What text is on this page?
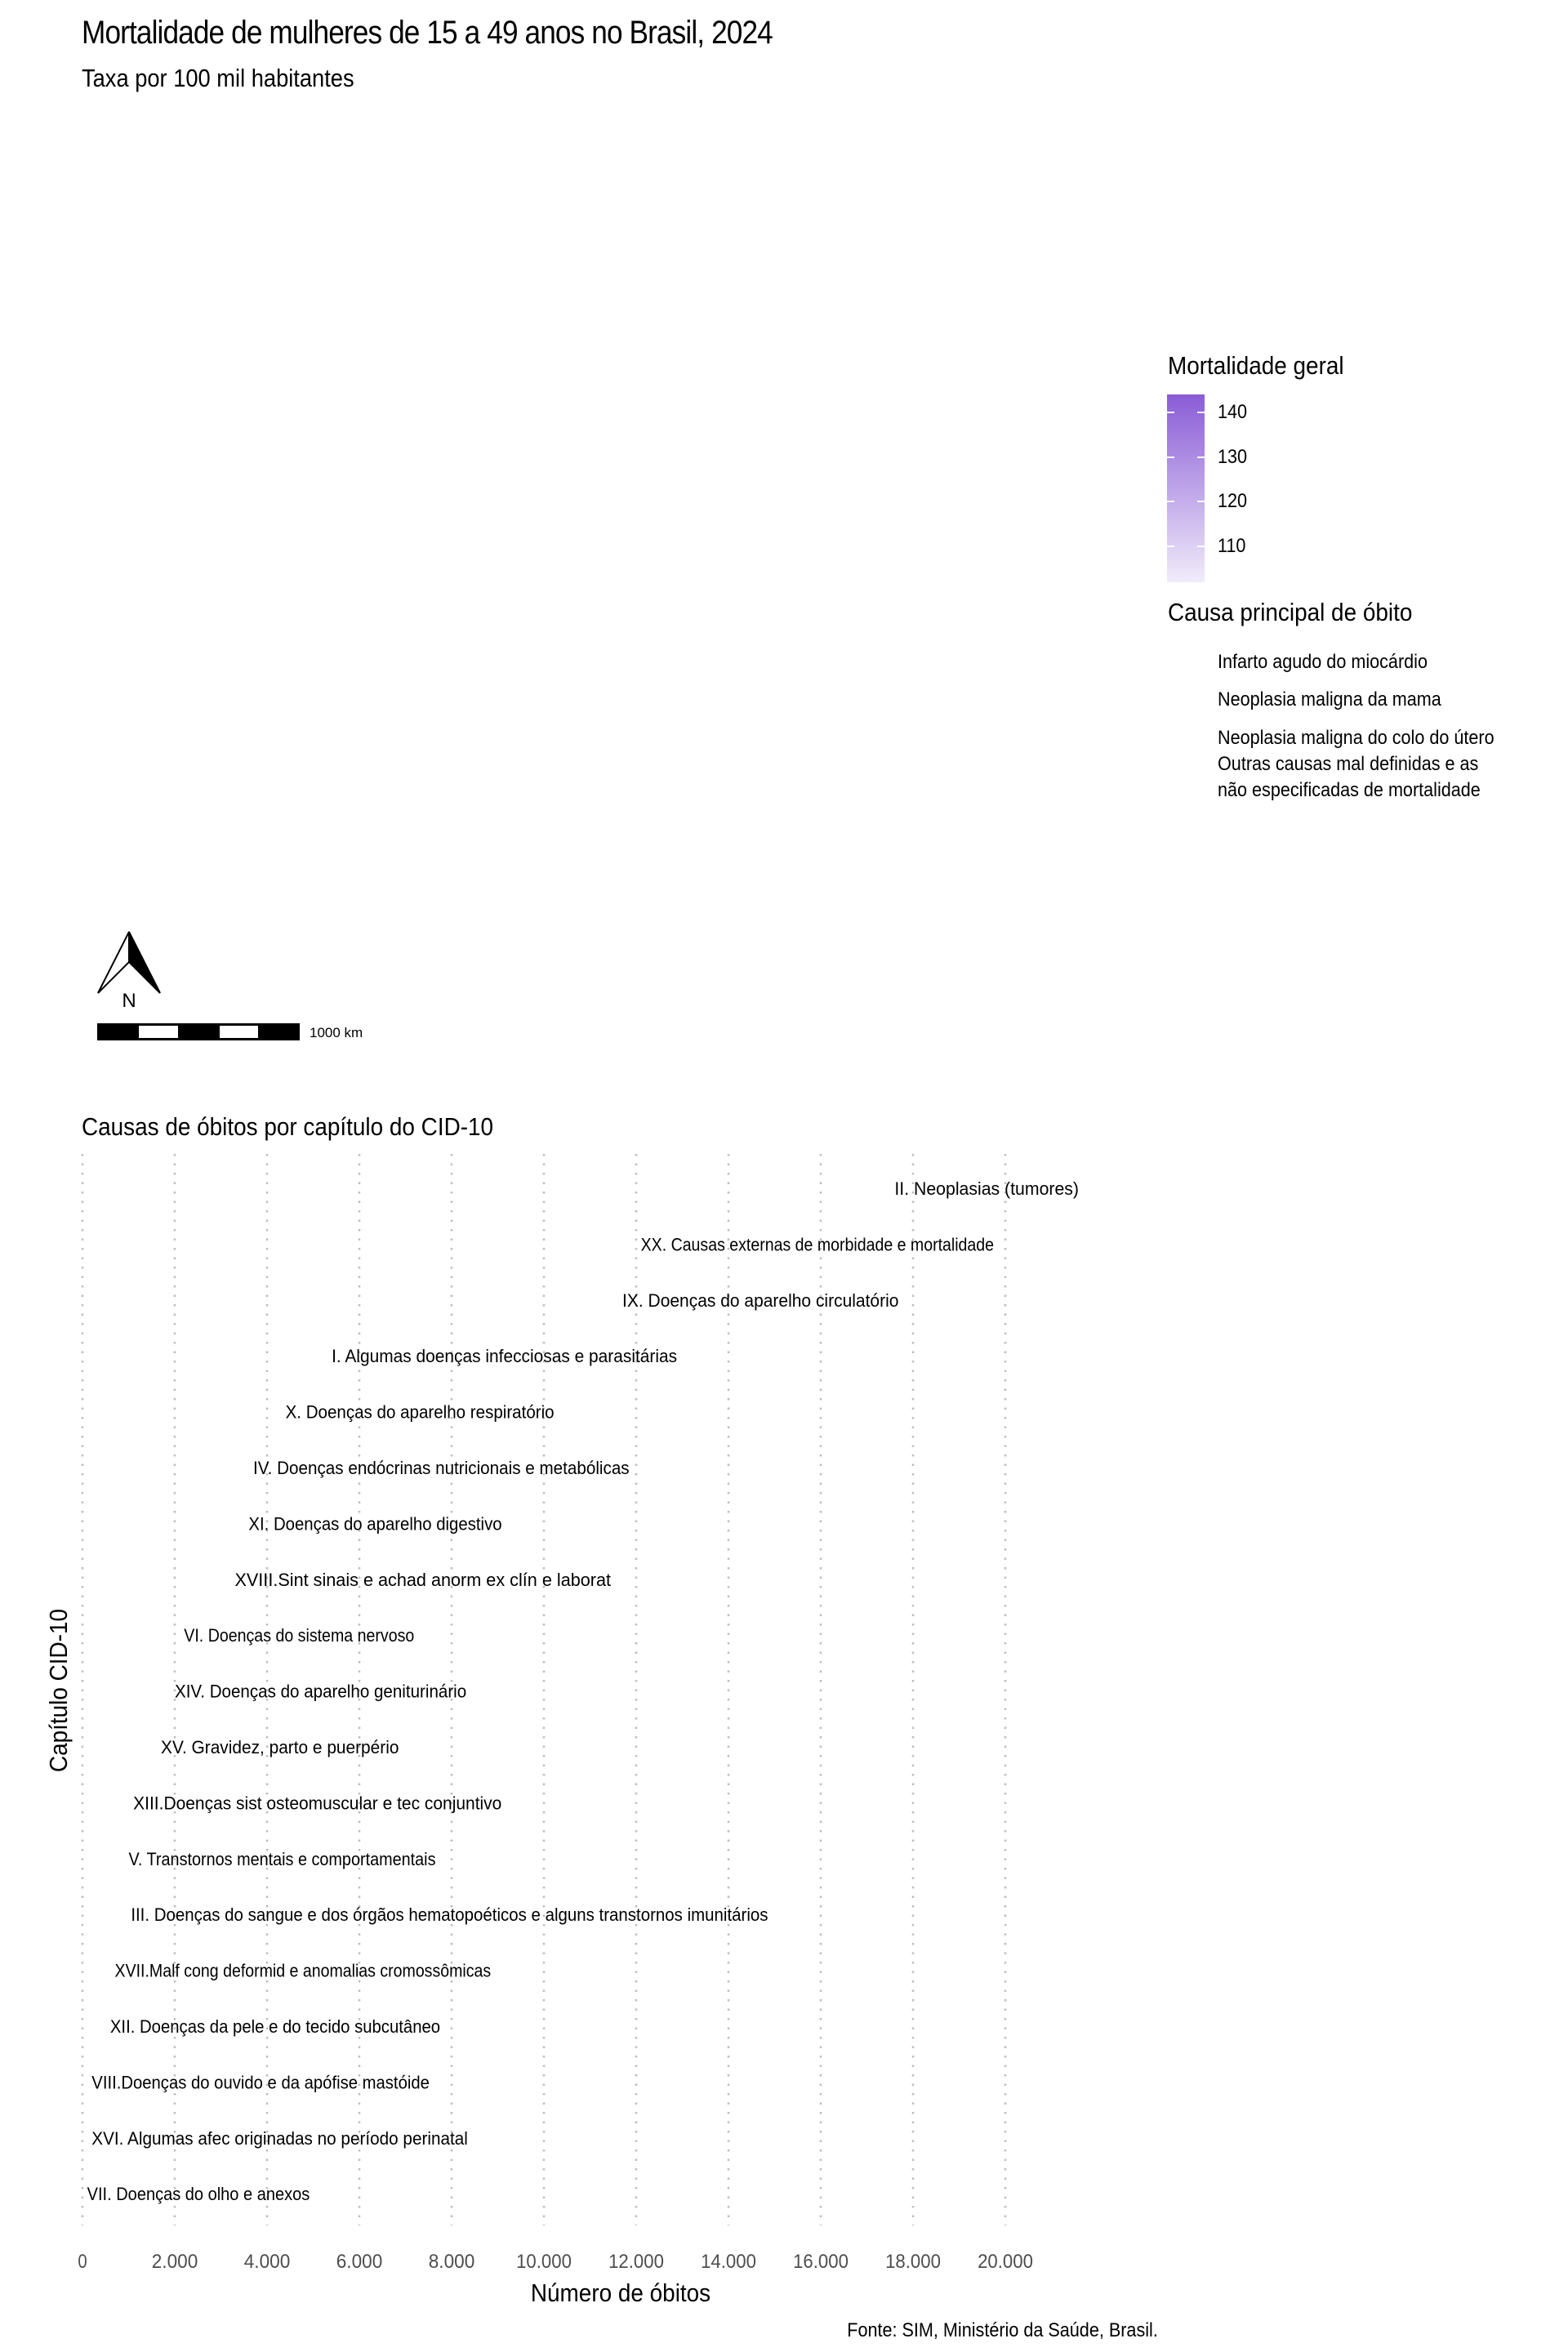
Mortalidade de mulheres de 15 a 49 anos no Brasil, 2024
Taxa por 100 mil habitantes
Mortalidade geral
Causa principal de óbito
Infarto agudo do miocárdio
Neoplasia maligna da mama
Neoplasia maligna do colo do útero
Outras causas mal definidas e as
não especificadas de mortalidade
N
1000 km
Causas de óbitos por capítulo do CID-10
II. Neoplasias (tumores)
XX. Causas externas de morbidade e mortalidade
IX. Doenças do aparelho circulatório
I. Algumas doenças infecciosas e parasitárias
X. Doenças do aparelho respiratório
IV. Doenças endócrinas nutricionais e metabólicas
XI. Doenças do aparelho digestivo
XVIII.Sint sinais e achad anorm ex clín e laborat
VI. Doenças do sistema nervoso
XIV. Doenças do aparelho geniturinário
XV. Gravidez, parto e puerpério
XIII.Doenças sist osteomuscular e tec conjuntivo
V. Transtornos mentais e comportamentais
III. Doenças do sangue e dos órgãos hematopoéticos e alguns transtornos imunitários
XVII.Malf cong deformid e anomalias cromossômicas
XII. Doenças da pele e do tecido subcutâneo
VIII.Doenças do ouvido e da apófise mastóide
XVI. Algumas afec originadas no período perinatal
VII. Doenças do olho e anexos
0	2.000 4.000 6.000 8.000 10.000 12.000 14.000 16.000 18.000 20.000
Capítulo CID-10
Número de óbitos
Fonte: SIM, Ministério da Saúde, Brasil.
140
130
120
110
